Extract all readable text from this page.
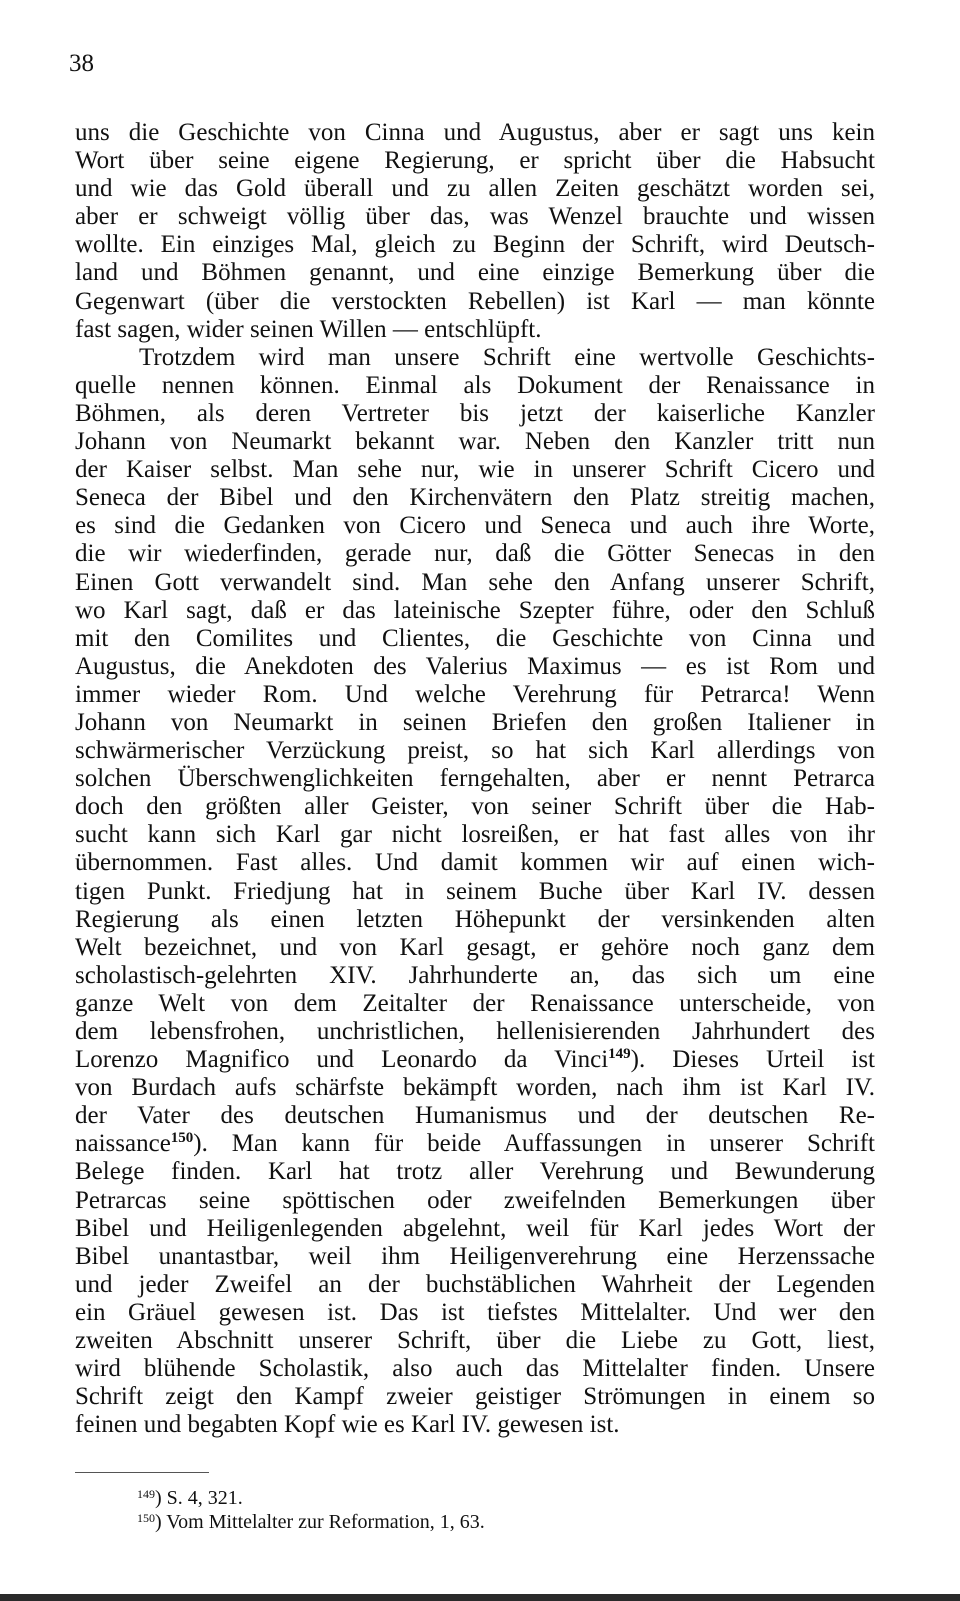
38
uns die Geschichte von Cinna und Augustus, aber er sagt uns kein
Wort über seine eigene Regierung, er spricht über die Habsucht
und wie das Gold überall und zu allen Zeiten geschätzt worden sei,
aber er schweigt völlig über das, was Wenzel brauchte und wissen
wollte. Ein einziges Mal, gleich zu Beginn der Schrift, wird Deutsch-
land und Böhmen genannt, und eine einzige Bemerkung über die
Gegenwart (über die verstockten Rebellen) ist Karl — man könnte
fast sagen, wider seinen Willen — entschlüpft.
Trotzdem wird man unsere Schrift eine wertvolle Geschichts-
quelle nennen können. Einmal als Dokument der Renaissance in
Böhmen, als deren Vertreter bis jetzt der kaiserliche Kanzler
Johann von Neumarkt bekannt war. Neben den Kanzler tritt nun
der Kaiser selbst. Man sehe nur, wie in unserer Schrift Cicero und
Seneca der Bibel und den Kirchenvätern den Platz streitig machen,
es sind die Gedanken von Cicero und Seneca und auch ihre Worte,
die wir wiederfinden, gerade nur, daß die Götter Senecas in den
Einen Gott verwandelt sind. Man sehe den Anfang unserer Schrift,
wo Karl sagt, daß er das lateinische Szepter führe, oder den Schluß
mit den Comilites und Clientes, die Geschichte von Cinna und
Augustus, die Anekdoten des Valerius Maximus — es ist Rom und
immer wieder Rom. Und welche Verehrung für Petrarca! Wenn
Johann von Neumarkt in seinen Briefen den großen Italiener in
schwärmerischer Verzückung preist, so hat sich Karl allerdings von
solchen Überschwenglichkeiten ferngehalten, aber er nennt Petrarca
doch den größten aller Geister, von seiner Schrift über die Hab-
sucht kann sich Karl gar nicht losreißen, er hat fast alles von ihr
übernommen. Fast alles. Und damit kommen wir auf einen wich-
tigen Punkt. Friedjung hat in seinem Buche über Karl IV. dessen
Regierung als einen letzten Höhepunkt der versinkenden alten
Welt bezeichnet, und von Karl gesagt, er gehöre noch ganz dem
scholastisch-gelehrten XIV. Jahrhunderte an, das sich um eine
ganze Welt von dem Zeitalter der Renaissance unterscheide, von
dem lebensfrohen, unchristlichen, hellenisierenden Jahrhundert des
Lorenzo Magnifico und Leonardo da Vinci$^{149}$). Dieses Urteil ist
von Burdach aufs schärfste bekämpft worden, nach ihm ist Karl IV.
der Vater des deutschen Humanismus und der deutschen Re-
naissance$^{150}$). Man kann für beide Auffassungen in unserer Schrift
Belege finden. Karl hat trotz aller Verehrung und Bewunderung
Petrarcas seine spöttischen oder zweifelnden Bemerkungen über
Bibel und Heiligenlegenden abgelehnt, weil für Karl jedes Wort der
Bibel unantastbar, weil ihm Heiligenverehrung eine Herzenssache
und jeder Zweifel an der buchstäblichen Wahrheit der Legenden
ein Gräuel gewesen ist. Das ist tiefstes Mittelalter. Und wer den
zweiten Abschnitt unserer Schrift, über die Liebe zu Gott, liest,
wird blühende Scholastik, also auch das Mittelalter finden. Unsere
Schrift zeigt den Kampf zweier geistiger Strömungen in einem so
feinen und begabten Kopf wie es Karl IV. gewesen ist.
$^{149}$) S. 4, 321.
$^{150}$) Vom Mittelalter zur Reformation, 1, 63.
